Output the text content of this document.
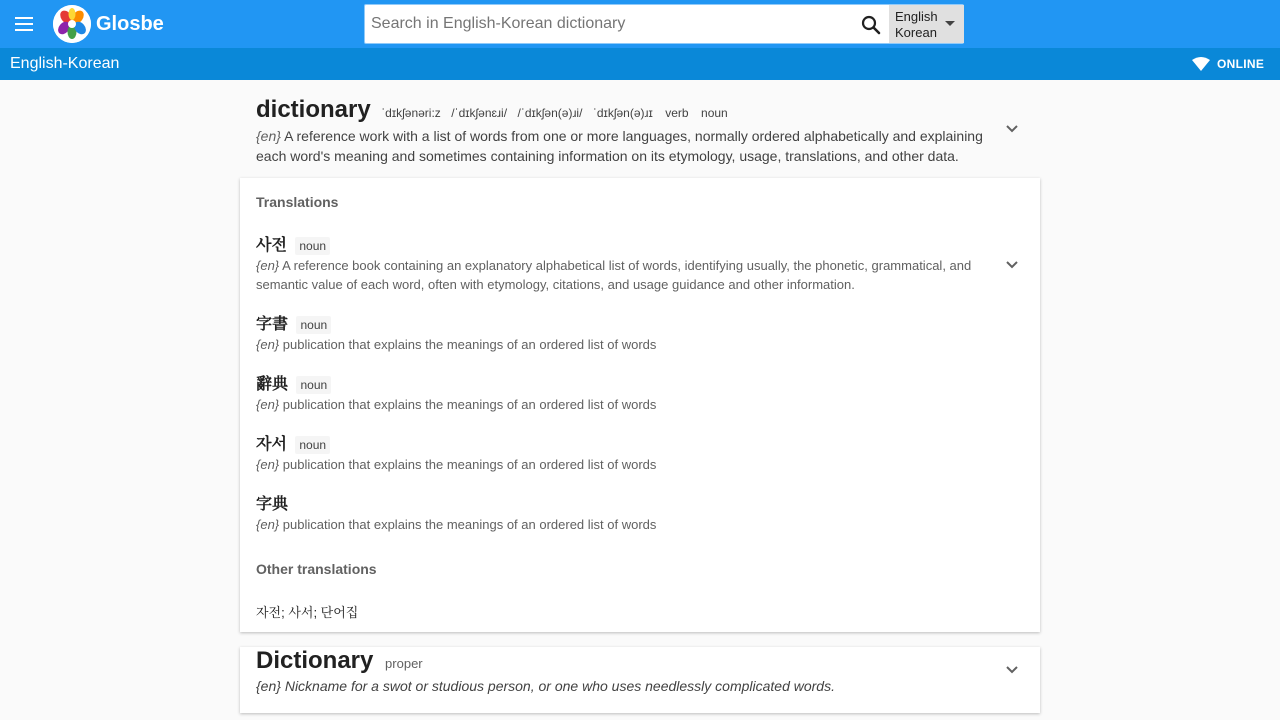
Glosbe
Search in English-Korean dictionary	English
Korean
English-Korean	ONLINE
dictionary ˈdɪkʃənəri:z /ˈdɪkʃənɛɹi/ /ˈdɪkʃən(ə)ɹi/ ˈdɪkʃən(ə)ɹɪ verb noun
{en} A reference work with a list of words from one or more languages, normally ordered alphabetically and explaining each word's meaning and sometimes containing information on its etymology, usage, translations, and other data.
Translations
사전 noun
{en} A reference book containing an explanatory alphabetical list of words, identifying usually, the phonetic, grammatical, and semantic value of each word, often with etymology, citations, and usage guidance and other information.
字書 noun
{en} publication that explains the meanings of an ordered list of words
辭典 noun
{en} publication that explains the meanings of an ordered list of words
자서 noun
{en} publication that explains the meanings of an ordered list of words
字典
{en} publication that explains the meanings of an ordered list of words
Other translations
자전; 사서; 단어집
Dictionary proper
{en} Nickname for a swot or studious person, or one who uses needlessly complicated words.
